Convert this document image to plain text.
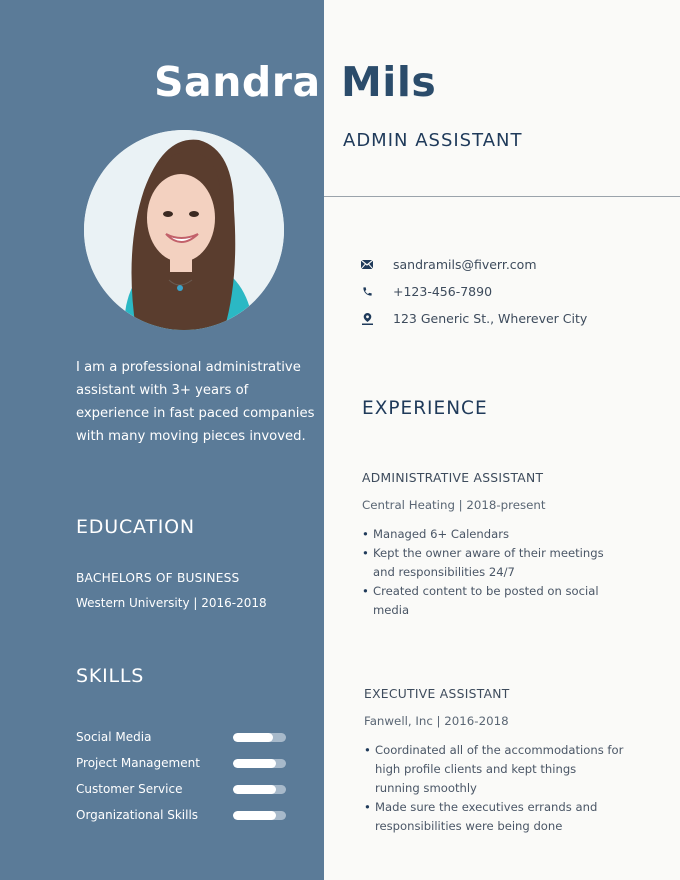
Sandra Mils
ADMIN ASSISTANT
sandramils@fiverr.com
+123-456-7890
123 Generic St., Wherever City
I am a professional administrative assistant with 3+ years of experience in fast paced companies with many moving pieces invoved.
EDUCATION
BACHELORS OF BUSINESS
Western University | 2016-2018
SKILLS
Social Media
Project Management
Customer Service
Organizational Skills
EXPERIENCE
ADMINISTRATIVE ASSISTANT
Central Heating | 2018-present
• Managed 6+ Calendars
• Kept the owner aware of their meetings and responsibilities 24/7
• Created content to be posted on social media
EXECUTIVE ASSISTANT
Fanwell, Inc | 2016-2018
• Coordinated all of the accommodations for high profile clients and kept things running smoothly
• Made sure the executives errands and responsibilities were being done
